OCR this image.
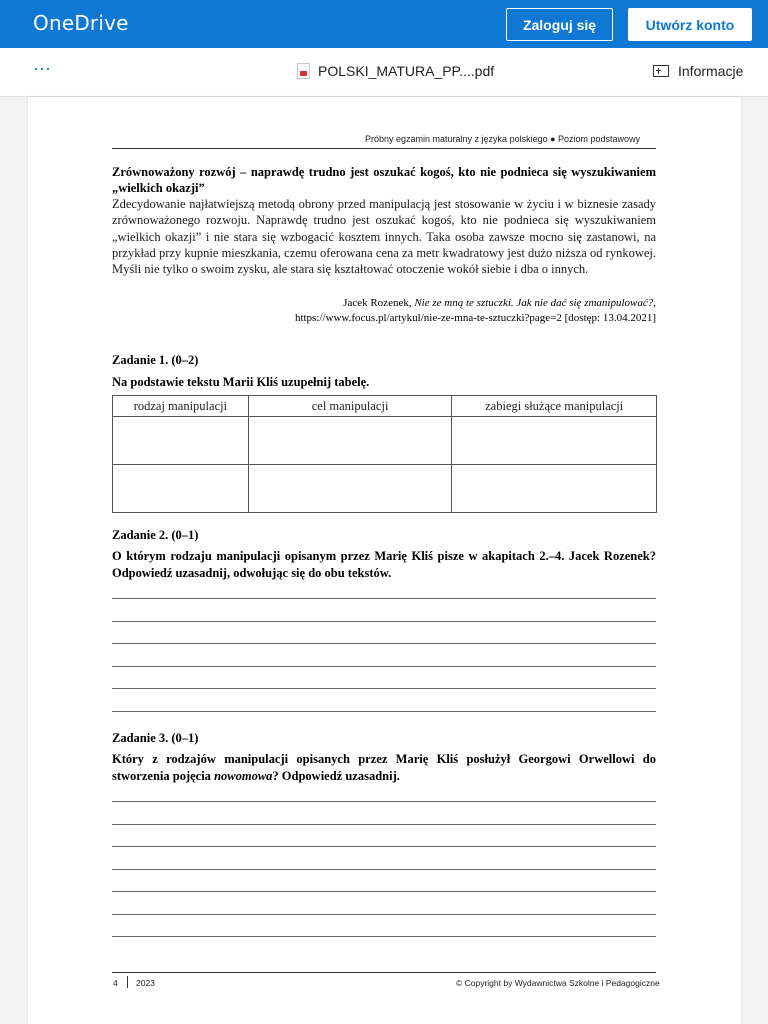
OneDrive	Zaloguj się	Utwórz konto
···	POLSKI_MATURA_PP....pdf	Informacje
Próbny egzamin maturalny z języka polskiego ● Poziom podstawowy
Zrównoważony rozwój – naprawdę trudno jest oszukać kogoś, kto nie podniecа się wyszukiwaniem „wielkich okazji”
Zdecydowanie najłatwiejszą metodą obrony przed manipulacją jest stosowanie w życiu i w biznesie zasady zrównoważonego rozwoju. Naprawdę trudno jest oszukać kogoś, kto nie podnieca się wyszukiwaniem „wielkich okazji” i nie stara się wzbogacić kosztem innych. Taka osoba zawsze mocno się zastanowi, na przykład przy kupnie mieszkania, czemu oferowana cena za metr kwadratowy jest dużo niższa od rynkowej. Myśli nie tylko o swoim zysku, ale stara się kształtować otoczenie wokół siebie i dba o innych.
Jacek Rozenek, Nie ze mną te sztuczki. Jak nie dać się zmanipulować?,
https://www.focus.pl/artykul/nie-ze-mna-te-sztuczki?page=2 [dostęp: 13.04.2021]
Zadanie 1. (0–2)
Na podstawie tekstu Marii Kliś uzupełnij tabelę.
rodzaj manipulacji	cel manipulacji	zabiegi służące manipulacji

Zadanie 2. (0–1)
O którym rodzaju manipulacji opisanym przez Marię Kliś pisze w akapitach 2.–4. Jacek Rozenek? Odpowiedź uzasadnij, odwołując się do obu tekstów.
Zadanie 3. (0–1)
Który z rodzajów manipulacji opisanych przez Marię Kliś posłużył Georgowi Orwellowi do stworzenia pojęcia nowomowa? Odpowiedź uzasadnij.
4 2023	© Copyright by Wydawnictwa Szkolne i Pedagogiczne
